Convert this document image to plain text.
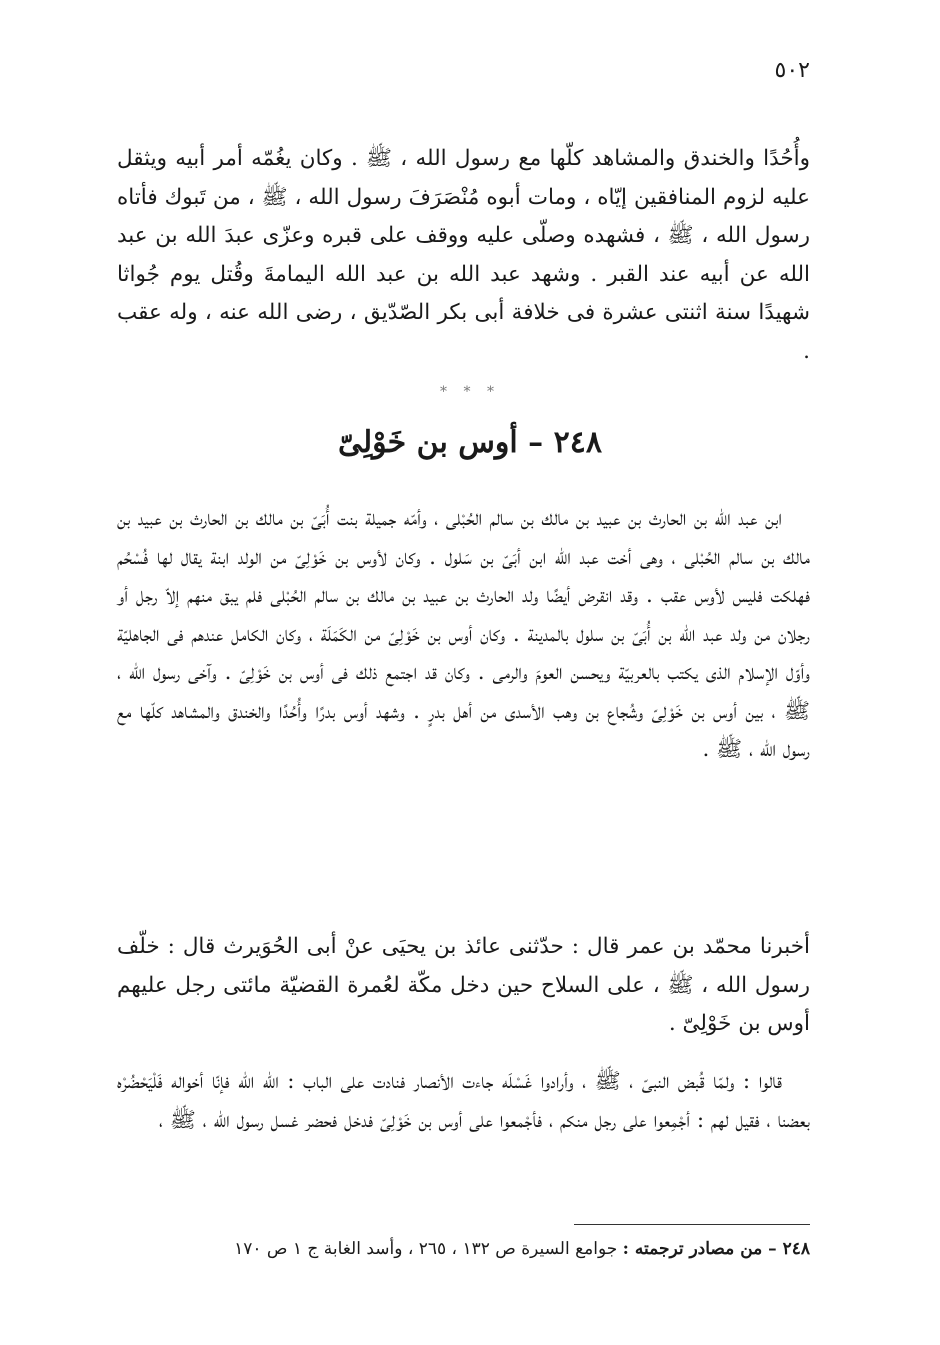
٥٠٢

وأُحُدًا والخندق والمشاهد كلّها مع رسول الله ، ﷺ . وكان يغُمّه أمر أبيه ويثقل عليه لزوم المنافقين إيّاه ، ومات أبوه مُنْصَرَفَ رسول الله ، ﷺ ، من تَبوك فأتاه رسول الله ، ﷺ ، فشهده وصلّى عليه ووقف على قبره وعزّى عبدَ الله بن عبد الله عن أبيه عند القبر . وشهد عبد الله بن عبد الله اليمامةَ وقُتل يوم جُواثا شهيدًا سنة اثنتى عشرة فى خلافة أبى بكر الصّدّيق ، رضى الله عنه ، وله عقب .

* * *
٢٤٨ – أوس بن خَوْلِىّ

ابن عبد الله بن الحارث بن عبيد بن مالك بن سالم الحُبْلى ، وأمّه جميلة بنت أُبَىّ بن مالك بن الحارث بن عبيد بن مالك بن سالم الحُبْلى ، وهى أخت عبد الله ابن أبَىّ بن سَلول . وكان لأوس بن خَوْلِىّ من الولد ابنة يقال لها فُسْحُم فهلكت فليس لأوس عقب . وقد انقرض أيضًا ولد الحارث بن عبيد بن مالك بن سالم الحُبْلى فلم يبق منهم إلاّ رجل أو رجلان من ولد عبد الله بن أُبَىّ بن سلول بالمدينة . وكان أوس بن خَوْلِىّ من الكَمَلَة ، وكان الكامل عندهم فى الجاهليّة وأوّل الإسلام الذى يكتب بالعربيّة ويحسن العومَ والرمى . وكان قد اجتمع ذلك فى أوس بن خَوْلِىّ . وآخى رسول الله ، ﷺ ، بين أوس بن خَوْلِىّ وشُجاع بن وهب الأسدى من أهل بدرٍ . وشهد أوس بدرًا وأُحُدًا والخندق والمشاهد كلّها مع رسول الله ، ﷺ .

أخبرنا محمّد بن عمر قال : حدّثنى عائذ بن يحيَى عنْ أبى الحُوَيرث قال : خلّف رسول الله ، ﷺ ، على السلاح حين دخل مكّة لعُمرة القضيّة مائتى رجل عليهم أوس بن خَوْلِىّ .

قالوا : ولمّا قُبض النبىّ ، ﷺ ، وأرادوا غَسْلَه جاءت الأنصار فنادت على الباب : الله الله فإنّا أخواله فَلْيَحْضُرْه بعضنا ، فقيل لهم : أجْمِعوا على رجل منكم ، فأجْمعوا على أوس بن خَوْلِىّ فدخل فحضر غسل رسول الله ، ﷺ ،

٢٤٨ – من مصادر ترجمته : جوامع السيرة ص ١٣٢ ، ٢٦٥ ، وأسد الغابة ج ١ ص ١٧٠
